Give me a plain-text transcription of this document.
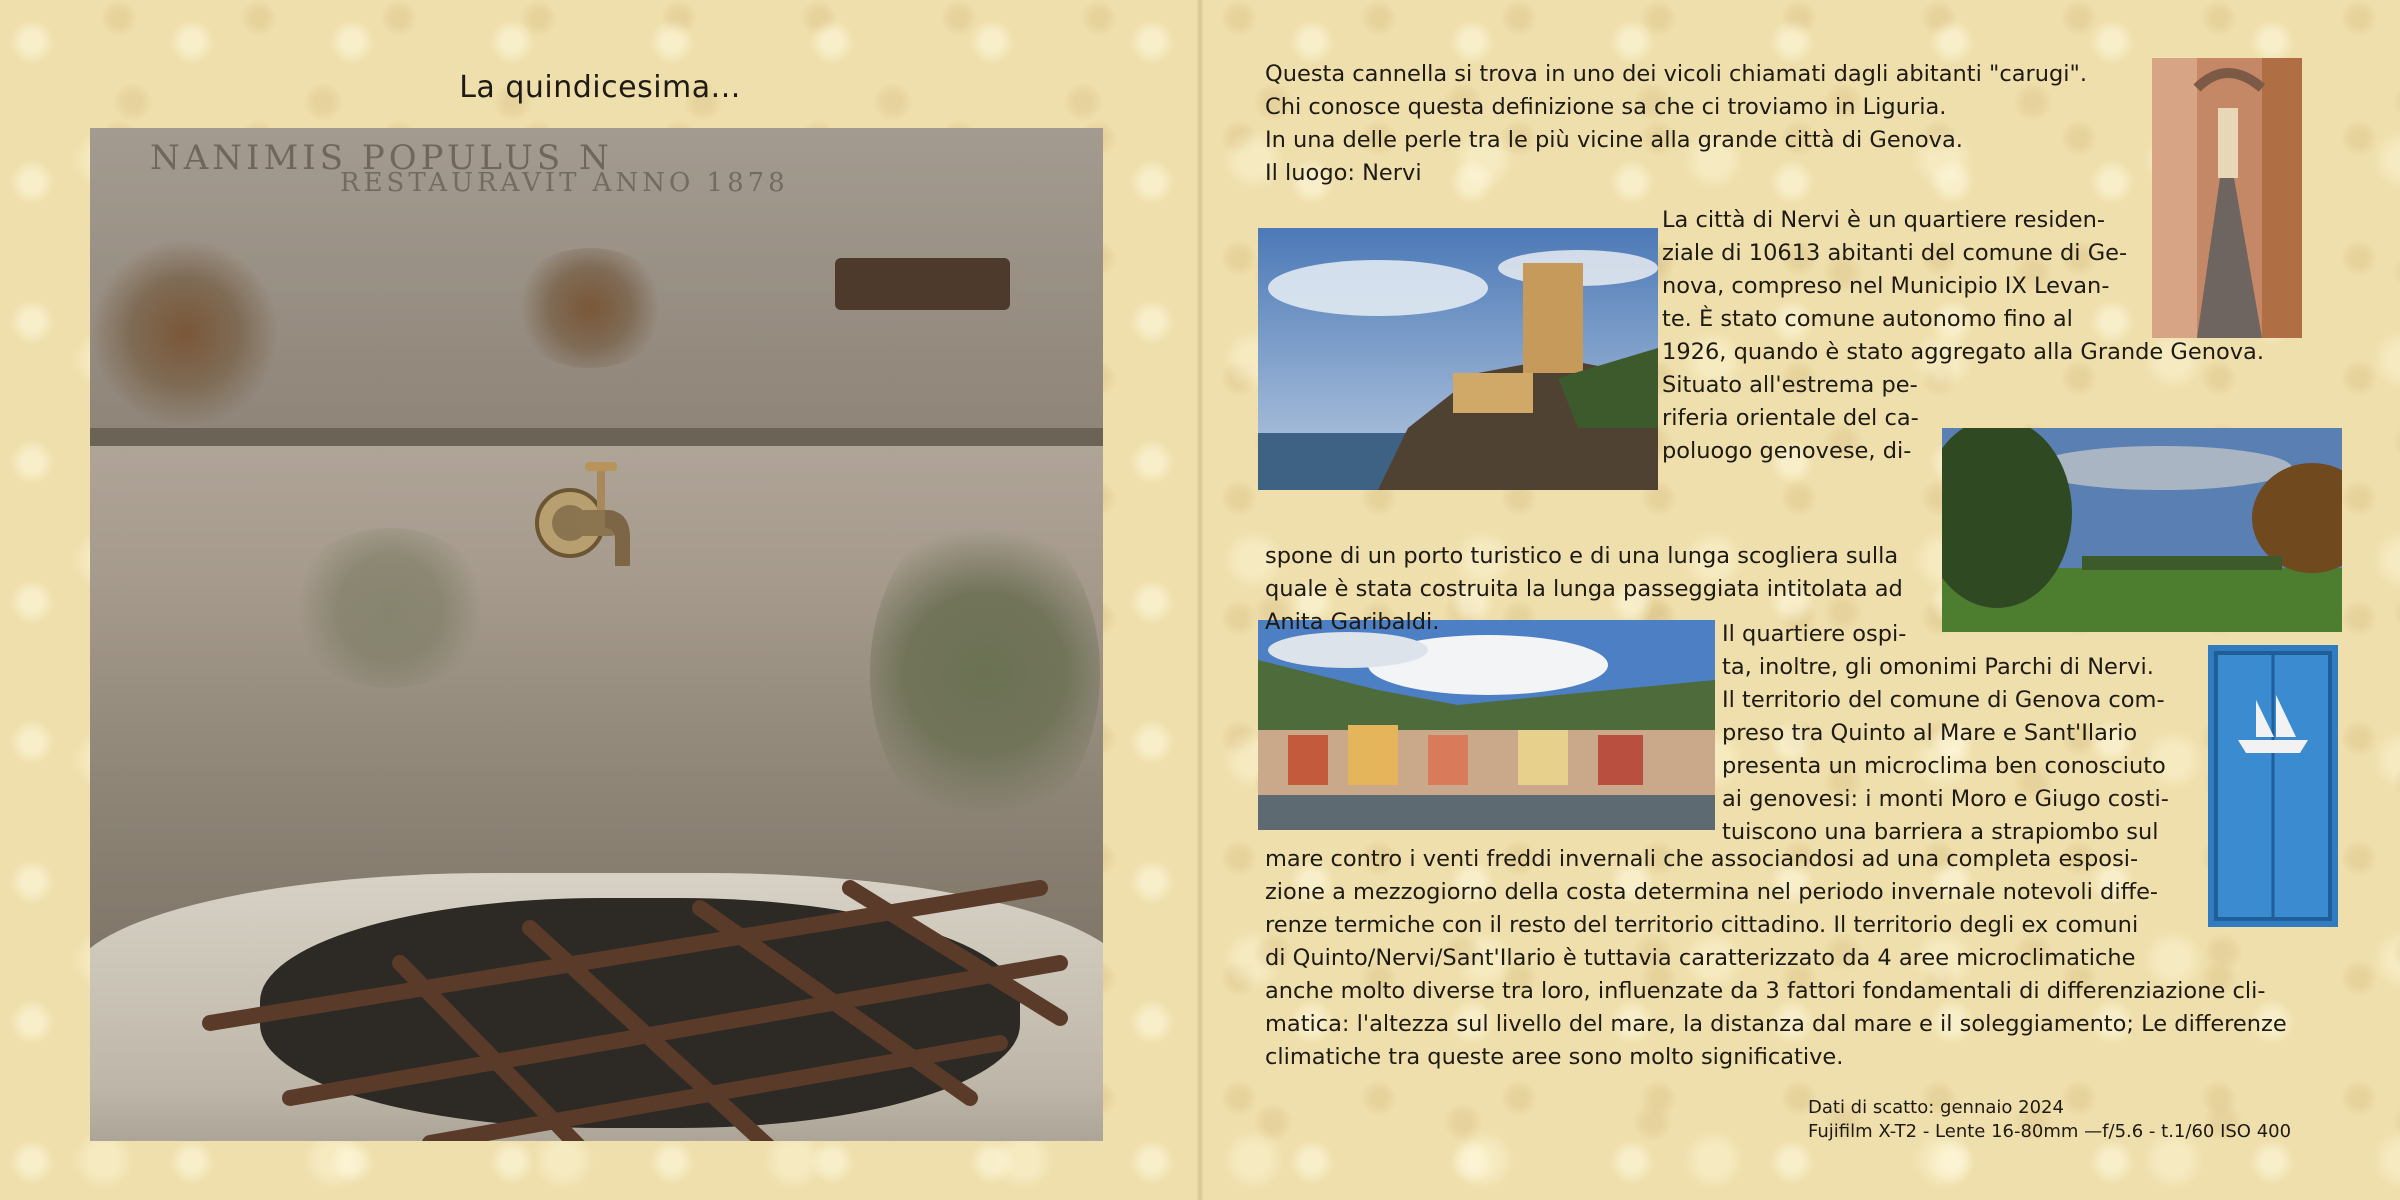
La quindicesima...
NANIMIS POPULUS N
RESTAURAVIT ANNO 1878

Questa cannella si trova in uno dei vicoli chiamati dagli abitanti "carugi".
Chi conosce questa definizione sa che ci troviamo in Liguria.
In una delle perle tra le più vicine alla grande città di Genova.
Il luogo: Nervi

La città di Nervi è un quartiere residen-
ziale di 10613 abitanti del comune di Ge-
nova, compreso nel Municipio IX Levan-
te. È stato comune autonomo fino al
1926, quando è stato aggregato alla Grande Genova.
Situato all'estrema pe-
riferia orientale del ca-
poluogo genovese, di-

spone di un porto turistico e di una lunga scogliera sulla
quale è stata costruita la lunga passeggiata intitolata ad
Anita Garibaldi.	Il quartiere ospi-
ta, inoltre, gli omonimi Parchi di Nervi.
Il territorio del comune di Genova com-
preso tra Quinto al Mare e Sant'Ilario
presenta un microclima ben conosciuto
ai genovesi: i monti Moro e Giugo costi-
tuiscono una barriera a strapiombo sul

mare contro i venti freddi invernali che associandosi ad una completa esposi-
zione a mezzogiorno della costa determina nel periodo invernale notevoli diffe-
renze termiche con il resto del territorio cittadino. Il territorio degli ex comuni
di Quinto/Nervi/Sant'Ilario è tuttavia caratterizzato da 4 aree microclimatiche
anche molto diverse tra loro, influenzate da 3 fattori fondamentali di differenziazione cli-
matica: l'altezza sul livello del mare, la distanza dal mare e il soleggiamento; Le differenze
climatiche tra queste aree sono molto significative.

Dati di scatto: gennaio 2024
Fujifilm X-T2 - Lente 16-80mm —f/5.6 - t.1/60 ISO 400
